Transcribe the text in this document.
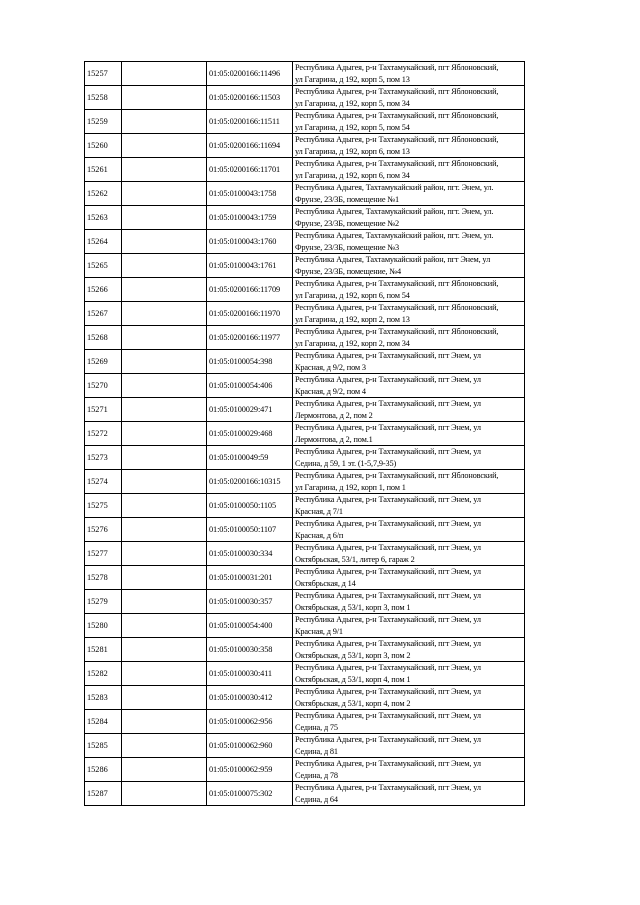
15257		01:05:0200166:11496	Республика Адыгея, р-н Тахтамукайский, пгт Яблоновский,
ул Гагарина, д 192, корп 5, пом 13

15258		01:05:0200166:11503	Республика Адыгея, р-н Тахтамукайский, пгт Яблоновский,
ул Гагарина, д 192, корп 5, пом 34

15259		01:05:0200166:11511	Республика Адыгея, р-н Тахтамукайский, пгт Яблоновский,
ул Гагарина, д 192, корп 5, пом 54

15260		01:05:0200166:11694	Республика Адыгея, р-н Тахтамукайский, пгт Яблоновский,
ул Гагарина, д 192, корп 6, пом 13

15261		01:05:0200166:11701	Республика Адыгея, р-н Тахтамукайский, пгт Яблоновский,
ул Гагарина, д 192, корп 6, пом 34

15262		01:05:0100043:1758	Республика Адыгея, Тахтамукайский район, пгт. Энем, ул.
Фрунзе, 23/3Б, помещение №1

15263		01:05:0100043:1759	Республика Адыгея, Тахтамукайский район, пгт. Энем, ул.
Фрунзе, 23/3Б, помещение №2

15264		01:05:0100043:1760	Республика Адыгея, Тахтамукайский район, пгт. Энем, ул.
Фрунзе, 23/3Б, помещение №3

15265		01:05:0100043:1761	Республика Адыгея, Тахтамукайский район, пгт Энем, ул
Фрунзе, 23/3Б, помещение, №4

15266		01:05:0200166:11709	Республика Адыгея, р-н Тахтамукайский, пгт Яблоновский,
ул Гагарина, д 192, корп 6, пом 54

15267		01:05:0200166:11970	Республика Адыгея, р-н Тахтамукайский, пгт Яблоновский,
ул Гагарина, д 192, корп 2, пом 13

15268		01:05:0200166:11977	Республика Адыгея, р-н Тахтамукайский, пгт Яблоновский,
ул Гагарина, д 192, корп 2, пом 34

15269		01:05:0100054:398	Республика Адыгея, р-н Тахтамукайский, пгт Энем, ул
Красная, д 9/2, пом 3

15270		01:05:0100054:406	Республика Адыгея, р-н Тахтамукайский, пгт Энем, ул
Красная, д 9/2, пом 4

15271		01:05:0100029:471	Республика Адыгея, р-н Тахтамукайский, пгт Энем, ул
Лермонтова, д 2, пом 2

15272		01:05:0100029:468	Республика Адыгея, р-н Тахтамукайский, пгт Энем, ул
Лермонтова, д 2, пом.1

15273		01:05:0100049:59	Республика Адыгея, р-н Тахтамукайский, пгт Энем, ул
Седина, д 59, 1 эт. (1-5,7,9-35)

15274		01:05:0200166:10315	Республика Адыгея, р-н Тахтамукайский, пгт Яблоновский,
ул Гагарина, д 192, корп 1, пом 1

15275		01:05:0100050:1105	Республика Адыгея, р-н Тахтамукайский, пгт Энем, ул
Красная, д 7/1

15276		01:05:0100050:1107	Республика Адыгея, р-н Тахтамукайский, пгт Энем, ул
Красная, д 6/п

15277		01:05:0100030:334	Республика Адыгея, р-н Тахтамукайский, пгт Энем, ул
Октябрьская, 53/1, литер 6, гараж 2

15278		01:05:0100031:201	Республика Адыгея, р-н Тахтамукайский, пгт Энем, ул
Октябрьская, д 14

15279		01:05:0100030:357	Республика Адыгея, р-н Тахтамукайский, пгт Энем, ул
Октябрьская, д 53/1, корп 3, пом 1

15280		01:05:0100054:400	Республика Адыгея, р-н Тахтамукайский, пгт Энем, ул
Красная, д 9/1

15281		01:05:0100030:358	Республика Адыгея, р-н Тахтамукайский, пгт Энем, ул
Октябрьская, д 53/1, корп 3, пом 2

15282		01:05:0100030:411	Республика Адыгея, р-н Тахтамукайский, пгт Энем, ул
Октябрьская, д 53/1, корп 4, пом 1

15283		01:05:0100030:412	Республика Адыгея, р-н Тахтамукайский, пгт Энем, ул
Октябрьская, д 53/1, корп 4, пом 2

15284		01:05:0100062:956	Республика Адыгея, р-н Тахтамукайский, пгт Энем, ул
Седина, д 75

15285		01:05:0100062:960	Республика Адыгея, р-н Тахтамукайский, пгт Энем, ул
Седина, д 81

15286		01:05:0100062:959	Республика Адыгея, р-н Тахтамукайский, пгт Энем, ул
Седина, д 78

15287		01:05:0100075:302	Республика Адыгея, р-н Тахтамукайский, пгт Энем, ул
Седина, д 64
